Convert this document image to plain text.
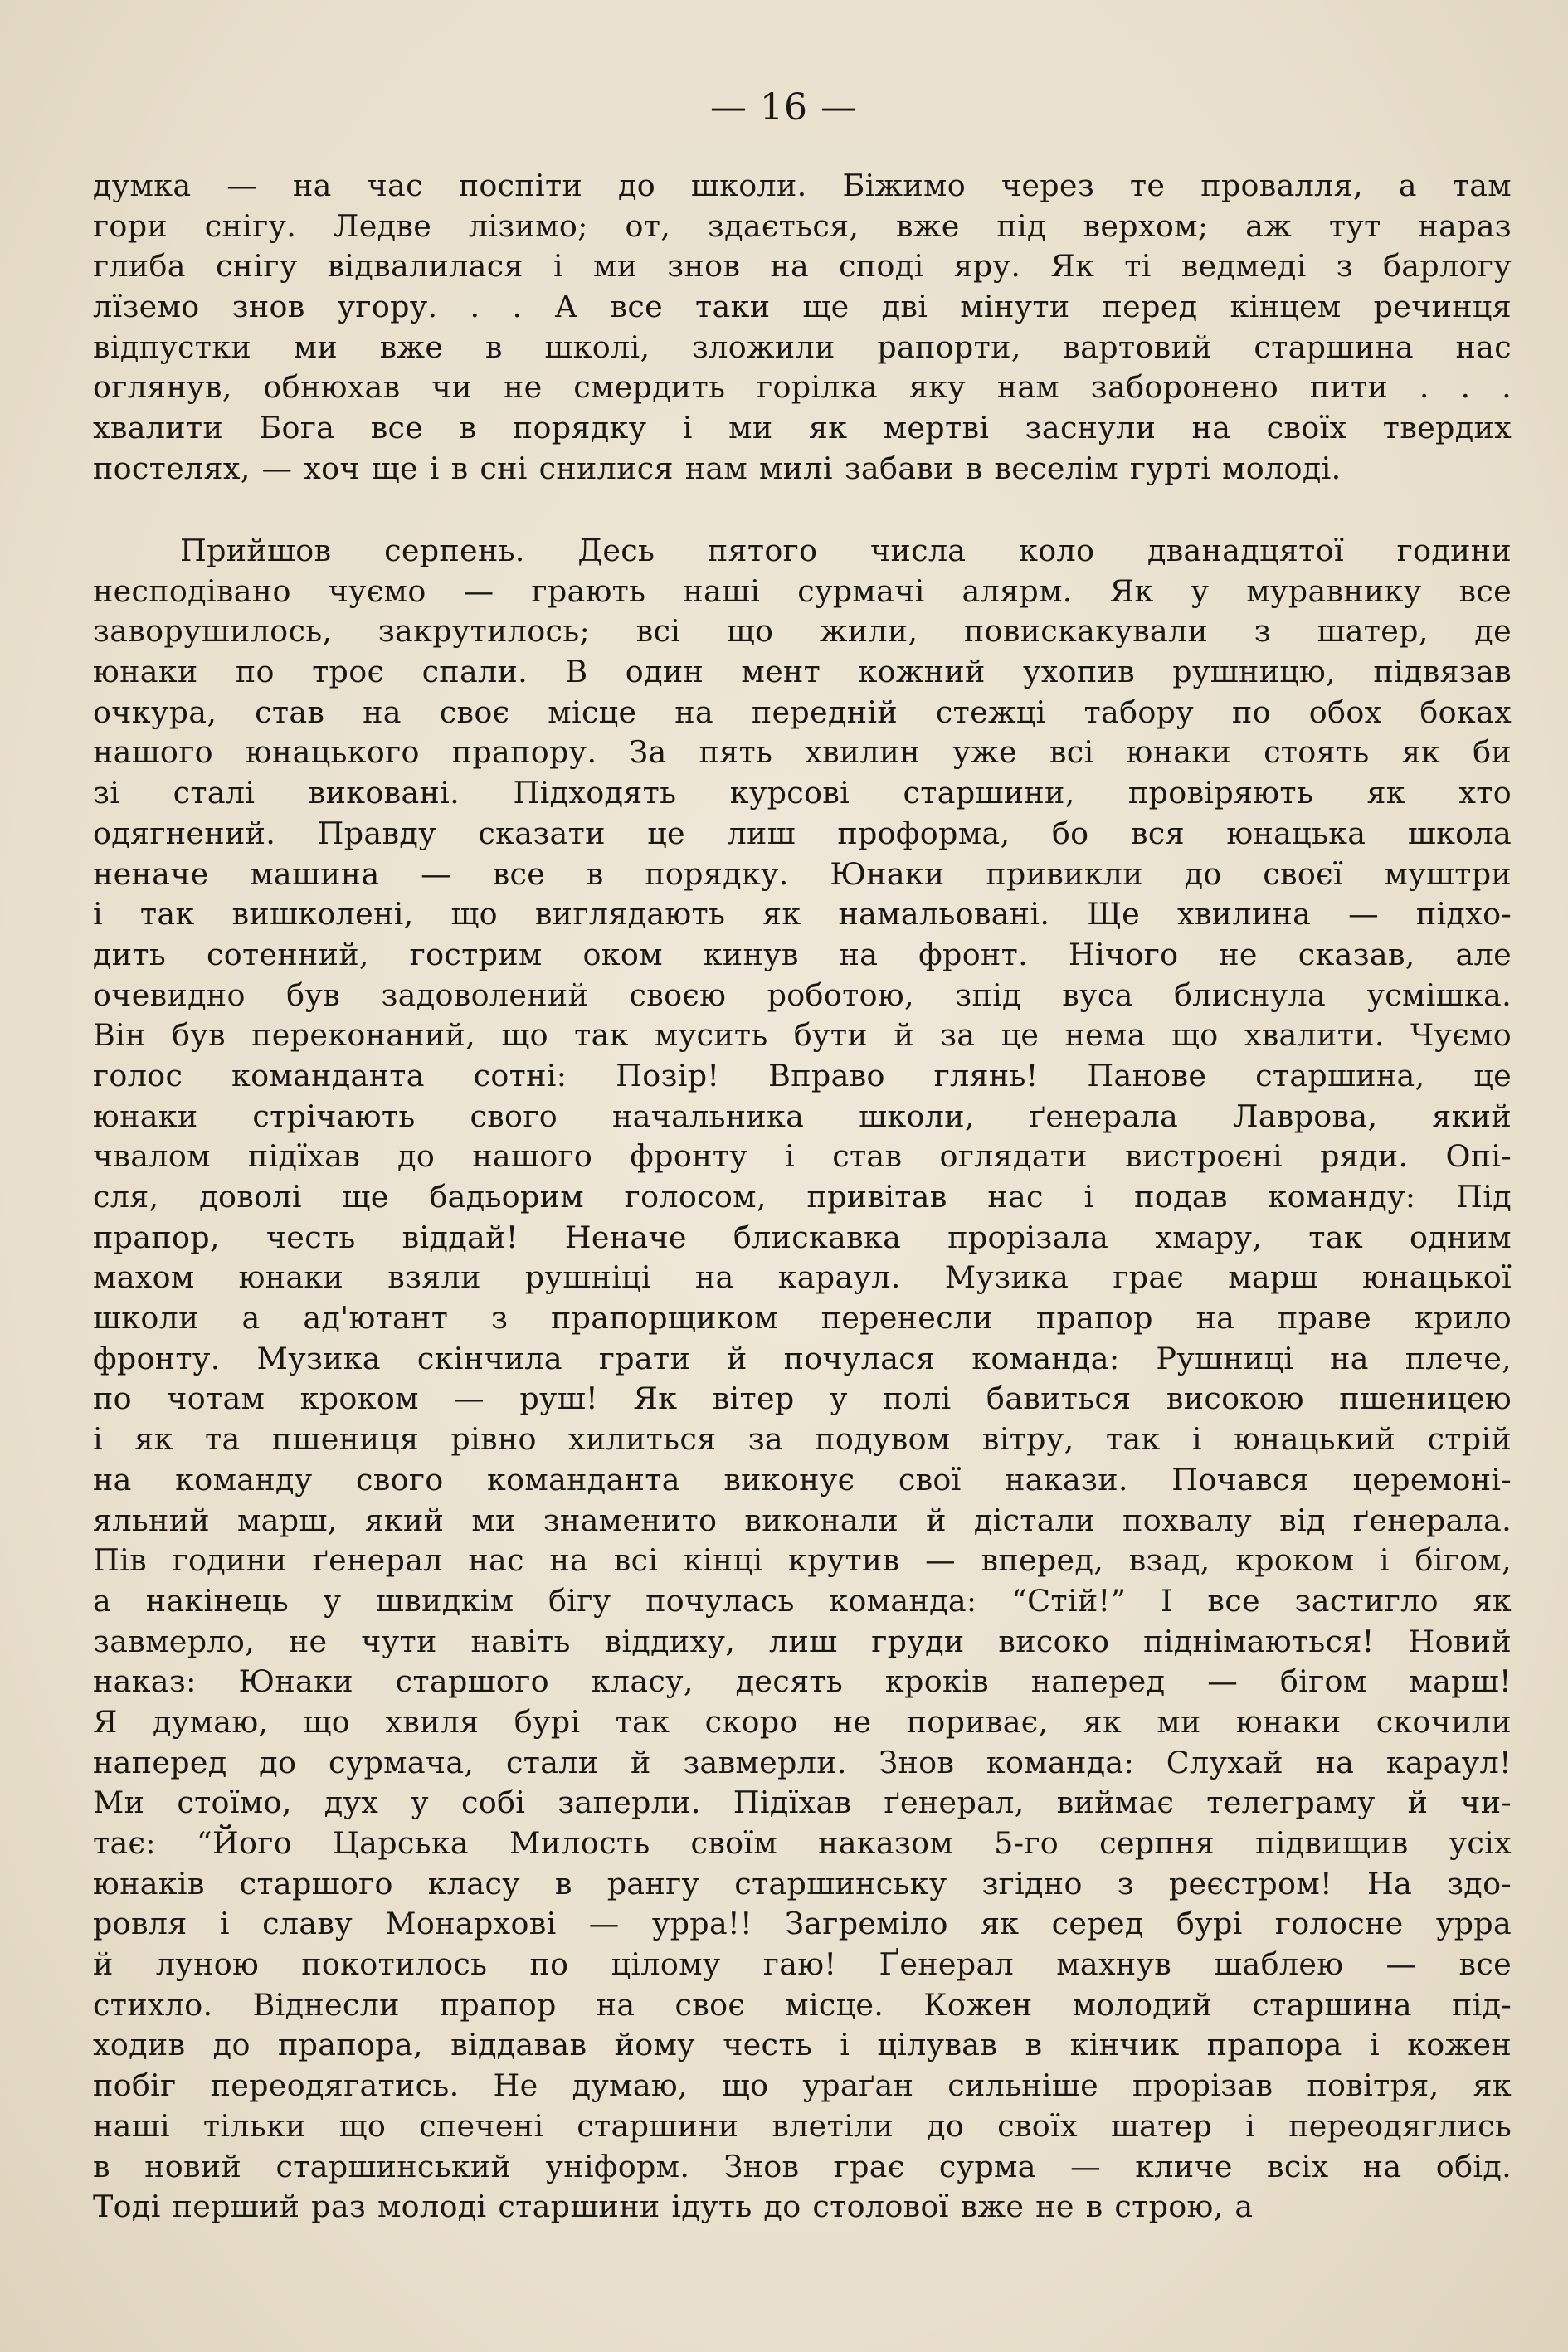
— 16 —
думка — на час поспіти до школи. Біжимо через те провалля, а там
гори снігу. Ледве лізимо; от, здається, вже під верхом; аж тут нараз
глиба снігу відвалилася і ми знов на споді яру. Як ті ведмеді з барлогу
лїземо знов угору. . . А все таки ще дві мінути перед кінцем речинця
відпустки ми вже в школі, зложили рапорти, вартовий старшина нас
оглянув, обнюхав чи не смердить горілка яку нам заборонено пити . . .
хвалити Бога все в порядку і ми як мертві заснули на своїх твердих
постелях, — хоч ще і в сні снилися нам милі забави в веселім гурті молоді.
Прийшов серпень. Десь пятого числа коло дванадцятої години
несподівано чуємо — грають наші сурмачі алярм. Як у муравнику все
заворушилось, закрутилось; всі що жили, повискакували з шатер, де
юнаки по троє спали. В один мент кожний ухопив рушницю, підвязав
очкура, став на своє місце на передній стежці табору по обох боках
нашого юнацького прапору. За пять хвилин уже всі юнаки стоять як би
зі сталі виковані. Підходять курсові старшини, провіряють як хто
одягнений. Правду сказати це лиш проформа, бо вся юнацька школа
неначе машина — все в порядку. Юнаки привикли до своєї муштри
і так вишколені, що виглядають як намальовані. Ще хвилина — підхо-
дить сотенний, гострим оком кинув на фронт. Нічого не сказав, але
очевидно був задоволений своєю роботою, зпід вуса блиснула усмішка.
Він був переконаний, що так мусить бути й за це нема що хвалити. Чуємо
голос команданта сотні: Позір! Вправо глянь! Панове старшина, це
юнаки стрічають свого начальника школи, ґенерала Лаврова, який
чвалом підїхав до нашого фронту і став оглядати вистроєні ряди. Опі-
сля, доволі ще бадьорим голосом, привітав нас і подав команду: Під
прапор, честь віддай! Неначе блискавка прорізала хмару, так одним
махом юнаки взяли рушніці на караул. Музика грає марш юнацької
школи а ад'ютант з прапорщиком перенесли прапор на праве крило
фронту. Музика скінчила грати й почулася команда: Рушниці на плече,
по чотам кроком — руш! Як вітер у полі бавиться високою пшеницею
і як та пшениця рівно хилиться за подувом вітру, так і юнацький стрій
на команду свого команданта виконує свої накази. Почався церемоні-
яльний марш, який ми знаменито виконали й дістали похвалу від ґенерала.
Пів години ґенерал нас на всі кінці крутив — вперед, взад, кроком і бігом,
а накінець у швидкім бігу почулась команда: “Стій!” І все застигло як
завмерло, не чути навіть віддиху, лиш груди високо піднімаються! Новий
наказ: Юнаки старшого класу, десять кроків наперед — бігом марш!
Я думаю, що хвиля бурі так скоро не пориває, як ми юнаки скочили
наперед до сурмача, стали й завмерли. Знов команда: Слухай на караул!
Ми стоїмо, дух у собі заперли. Підїхав ґенерал, виймає телеграму й чи-
тає: “Його Царська Милость своїм наказом 5-го серпня підвищив усіх
юнаків старшого класу в рангу старшинську згідно з реєстром! На здо-
ровля і славу Монархові — урра!! Загреміло як серед бурі голосне урра
й луною покотилось по цілому гаю! Ґенерал махнув шаблею — все
стихло. Віднесли прапор на своє місце. Кожен молодий старшина під-
ходив до прапора, віддавав йому честь і цілував в кінчик прапора і кожен
побіг переодягатись. Не думаю, що ураґан сильніше прорізав повітря, як
наші тільки що спечені старшини влетіли до своїх шатер і переодяглись
в новий старшинський уніформ. Знов грає сурма — кличе всіх на обід.
Тоді перший раз молоді старшини ідуть до столової вже не в строю, а
